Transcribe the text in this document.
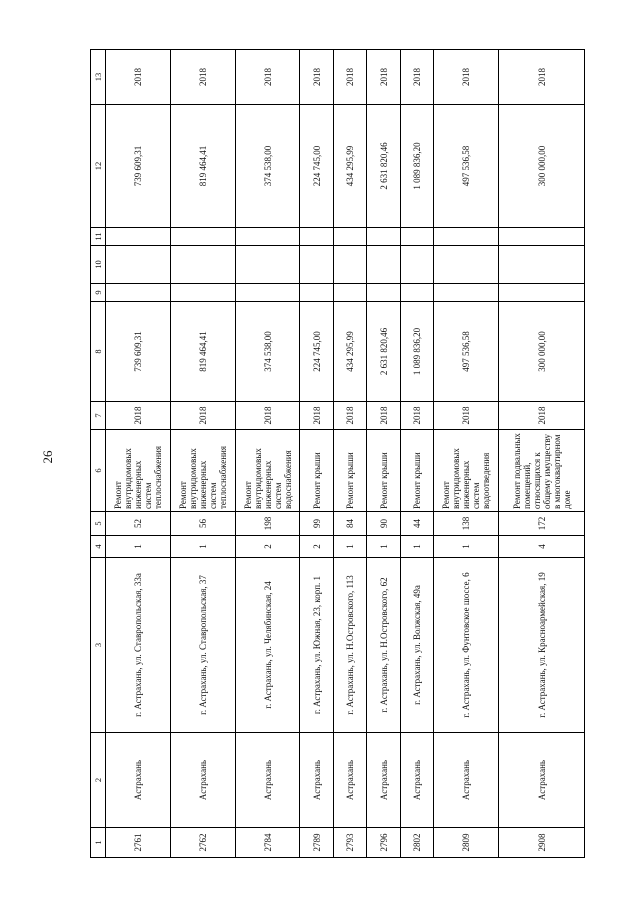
26
1	2	3	4	5	6	7	8	9	10	11	12	13
2761	Астрахань	г. Астрахань, ул. Ставропольская, 33а	1	52	Ремонт внутридомовых инженерных систем теплоснабжения	2018	739 609,31				739 609,31	2018
2762	Астрахань	г. Астрахань, ул. Ставропольская, 37	1	56	Ремонт внутридомовых инженерных систем теплоснабжения	2018	819 464,41				819 464,41	2018
2784	Астрахань	г. Астрахань, ул. Челябинская, 24	2	198	Ремонт внутридомовых инженерных систем водоснабжения	2018	374 538,00				374 538,00	2018
2789	Астрахань	г. Астрахань, ул. Южная, 23, корп. 1	2	99	Ремонт крыши	2018	224 745,00				224 745,00	2018
2793	Астрахань	г. Астрахань, ул. Н.Островского, 113	1	84	Ремонт крыши	2018	434 295,99				434 295,99	2018
2796	Астрахань	г. Астрахань, ул. Н.Островского, 62	1	90	Ремонт крыши	2018	2 631 820,46				2 631 820,46	2018
2802	Астрахань	г. Астрахань, ул. Волжская, 49а	1	44	Ремонт крыши	2018	1 089 836,20				1 089 836,20	2018
2809	Астрахань	г. Астрахань, ул. Фунтовское шоссе, 6	1	138	Ремонт внутридомовых инженерных систем водоотведения	2018	497 536,58				497 536,58	2018
2908	Астрахань	г. Астрахань, ул. Красноармейская, 19	4	172	Ремонт подвальных помещений, относящихся к общему имуществу в многоквартирном доме	2018	300 000,00				300 000,00	2018
